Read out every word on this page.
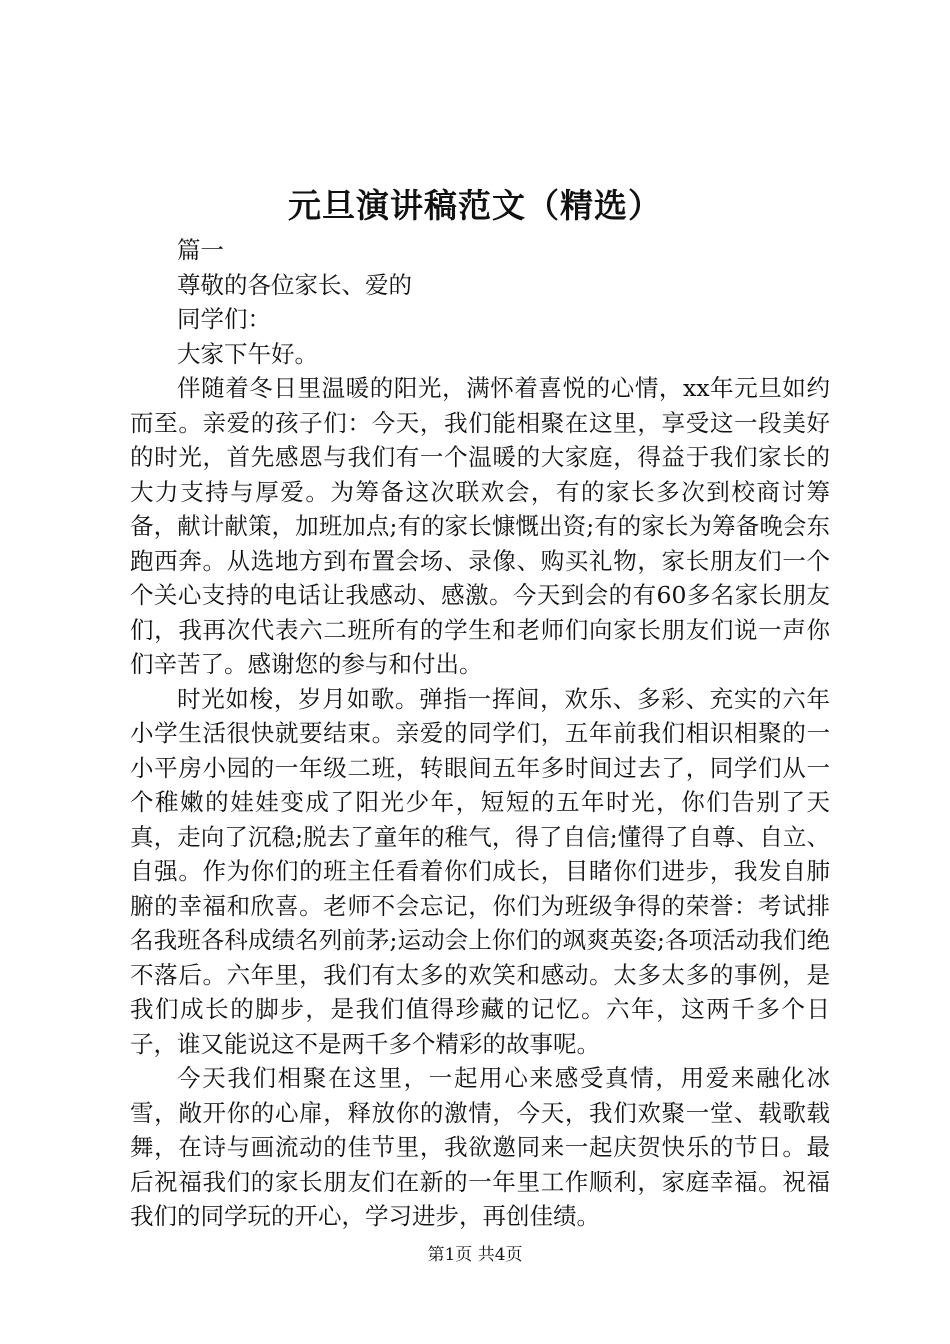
元旦演讲稿范文（精选）

篇一

尊敬的各位家长、爱的

同学们：

大家下午好。

伴随着冬日里温暖的阳光，满怀着喜悦的心情，xx年元旦如约而至。亲爱的孩子们：今天，我们能相聚在这里，享受这一段美好的时光，首先感恩与我们有一个温暖的大家庭，得益于我们家长的大力支持与厚爱。为筹备这次联欢会，有的家长多次到校商讨筹备，献计献策，加班加点;有的家长慷慨出资;有的家长为筹备晚会东跑西奔。从选地方到布置会场、录像、购买礼物，家长朋友们一个个关心支持的电话让我感动、感激。今天到会的有60多名家长朋友们，我再次代表六二班所有的学生和老师们向家长朋友们说一声你们辛苦了。感谢您的参与和付出。

时光如梭，岁月如歌。弹指一挥间，欢乐、多彩、充实的六年小学生活很快就要结束。亲爱的同学们，五年前我们相识相聚的一小平房小园的一年级二班，转眼间五年多时间过去了，同学们从一个稚嫩的娃娃变成了阳光少年，短短的五年时光，你们告别了天真，走向了沉稳;脱去了童年的稚气，得了自信;懂得了自尊、自立、自强。作为你们的班主任看着你们成长，目睹你们进步，我发自肺腑的幸福和欣喜。老师不会忘记，你们为班级争得的荣誉：考试排名我班各科成绩名列前茅;运动会上你们的飒爽英姿;各项活动我们绝不落后。六年里，我们有太多的欢笑和感动。太多太多的事例，是我们成长的脚步，是我们值得珍藏的记忆。六年，这两千多个日子，谁又能说这不是两千多个精彩的故事呢。

今天我们相聚在这里，一起用心来感受真情，用爱来融化冰雪，敞开你的心扉，释放你的激情，今天，我们欢聚一堂、载歌载舞，在诗与画流动的佳节里，我欲邀同来一起庆贺快乐的节日。最后祝福我们的家长朋友们在新的一年里工作顺利，家庭幸福。祝福我们的同学玩的开心，学习进步，再创佳绩。

第1页 共4页
